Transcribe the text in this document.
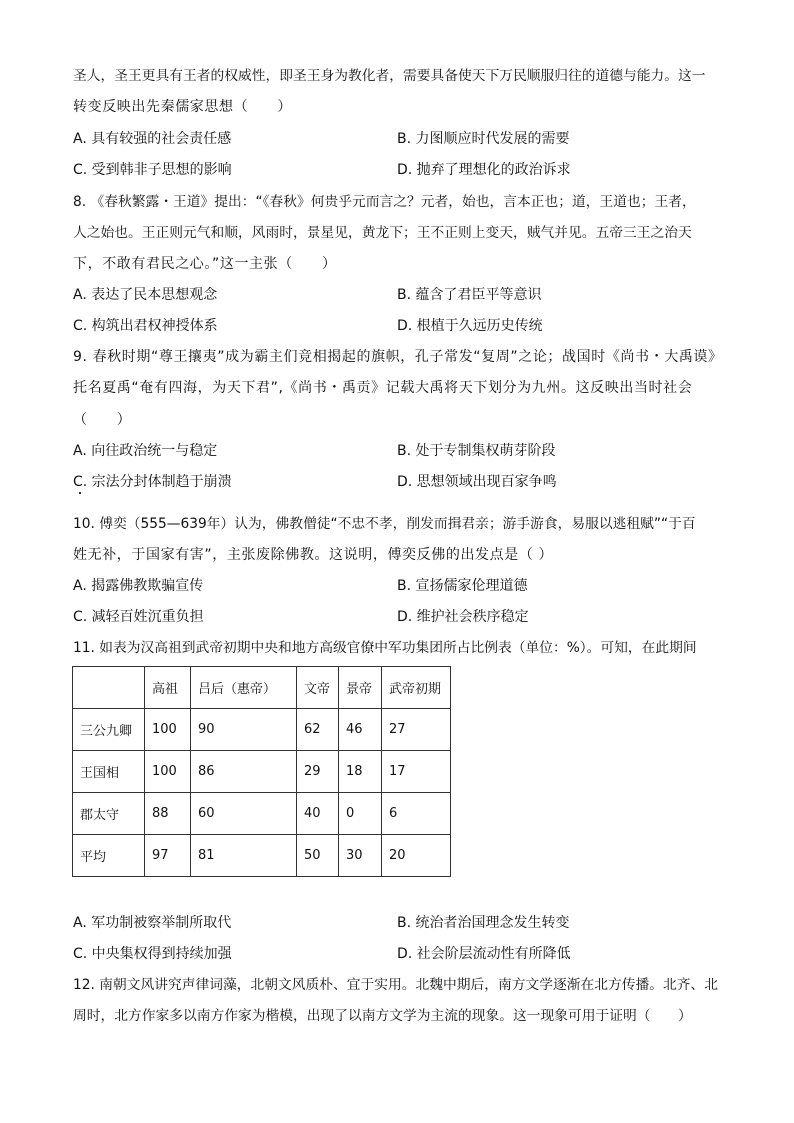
圣人，圣王更具有王者的权威性，即圣王身为教化者，需要具备使天下万民顺服归往的道德与能力。这一
转变反映出先秦儒家思想（　　）
A. 具有较强的社会责任感	B. 力图顺应时代发展的需要
C. 受到韩非子思想的影响	D. 抛弃了理想化的政治诉求
8. 《春秋繁露・王道》提出：“《春秋》何贵乎元而言之？元者，始也，言本正也；道，王道也；王者，
人之始也。王正则元气和顺，风雨时，景星见，黄龙下；王不正则上变天，贼气并见。五帝三王之治天
下，不敢有君民之心。”这一主张（　　）
A. 表达了民本思想观念	B. 蕴含了君臣平等意识
C. 构筑出君权神授体系	D. 根植于久远历史传统
9. 春秋时期“尊王攘夷”成为霸主们竞相揭起的旗帜，孔子常发“复周”之论；战国时《尚书・大禹谟》
托名夏禹“奄有四海，为天下君”,《尚书・禹贡》记载大禹将天下划分为九州。这反映出当时社会
（　　）
A. 向往政治统一与稳定	B. 处于专制集权萌芽阶段
C. 宗法分封体制趋于崩溃	D. 思想领域出现百家争鸣
10. 傅奕（555—639年）认为，佛教僧徒“不忠不孝，削发而揖君亲；游手游食，易服以逃租赋”“于百
姓无补，于国家有害”，主张废除佛教。这说明，傅奕反佛的出发点是（ ）
A. 揭露佛教欺骗宣传	B. 宣扬儒家伦理道德
C. 减轻百姓沉重负担	D. 维护社会秩序稳定
11. 如表为汉高祖到武帝初期中央和地方高级官僚中军功集团所占比例表（单位：%）。可知，在此期间
	高祖	吕后（惠帝）	文帝	景帝	武帝初期
三公九卿	100	90	62	46	27
王国相	100	86	29	18	17
郡太守	88	60	40	0	6
平均	97	81	50	30	20
A. 军功制被察举制所取代	B. 统治者治国理念发生转变
C. 中央集权得到持续加强	D. 社会阶层流动性有所降低
12. 南朝文风讲究声律词藻，北朝文风质朴、宜于实用。北魏中期后，南方文学逐渐在北方传播。北齐、北
周时，北方作家多以南方作家为楷模，出现了以南方文学为主流的现象。这一现象可用于证明（　　）
